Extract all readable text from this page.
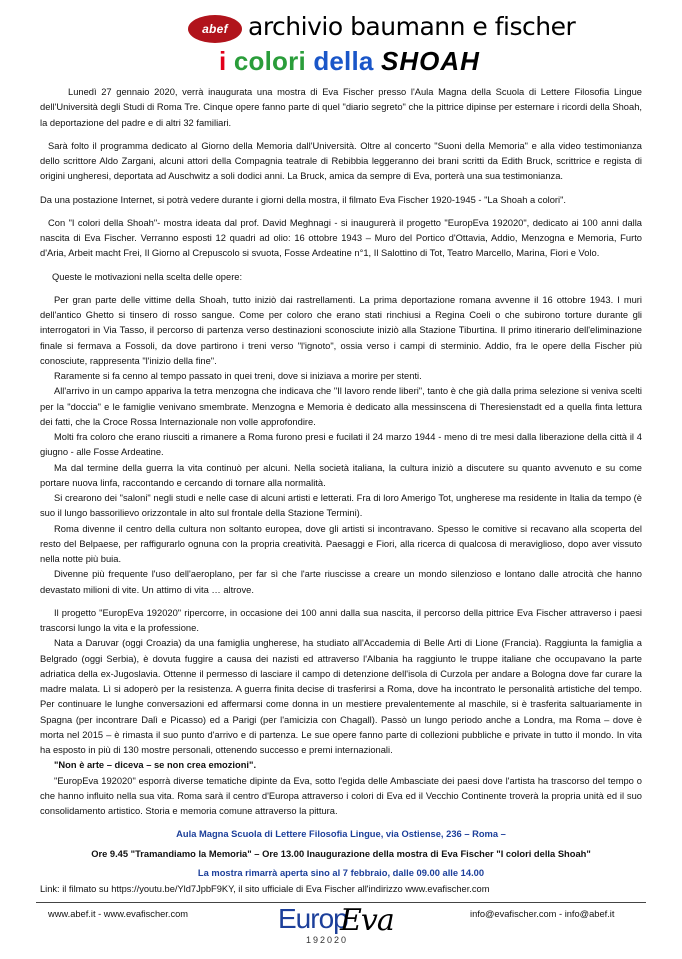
abef archivio baumann e fischer
i colori della SHOAH

Lunedì 27 gennaio 2020, verrà inaugurata una mostra di Eva Fischer presso l'Aula Magna della Scuola di Lettere Filosofia Lingue dell'Università degli Studi di Roma Tre. Cinque opere fanno parte di quel "diario segreto" che la pittrice dipinse per esternare i ricordi della Shoah, la deportazione del padre e di altri 32 familiari.

Sarà folto il programma dedicato al Giorno della Memoria dall'Università. Oltre al concerto "Suoni della Memoria" e alla video testimonianza dello scrittore Aldo Zargani, alcuni attori della Compagnia teatrale di Rebibbia leggeranno dei brani scritti da Edith Bruck, scrittrice e regista di origini ungheresi, deportata ad Auschwitz a soli dodici anni. La Bruck, amica da sempre di Eva, porterà una sua testimonianza.

Da una postazione Internet, si potrà vedere durante i giorni della mostra, il filmato Eva Fischer 1920-1945 - "La Shoah a colori".

Con "I colori della Shoah"- mostra ideata dal prof. David Meghnagi - si inaugurerà il progetto "EuropEva 192020", dedicato ai 100 anni dalla nascita di Eva Fischer. Verranno esposti 12 quadri ad olio: 16 ottobre 1943 – Muro del Portico d'Ottavia, Addio, Menzogna e Memoria, Furto d'Aria, Arbeit macht Frei, Il Giorno al Crepuscolo si svuota, Fosse Ardeatine n°1, Il Salottino di Tot, Teatro Marcello, Marina, Fiori e Volo.

Queste le motivazioni nella scelta delle opere:

Per gran parte delle vittime della Shoah, tutto iniziò dai rastrellamenti. La prima deportazione romana avvenne il 16 ottobre 1943. I muri dell'antico Ghetto si tinsero di rosso sangue. Come per coloro che erano stati rinchiusi a Regina Coeli o che subirono torture durante gli interrogatori in Via Tasso, il percorso di partenza verso destinazioni sconosciute iniziò alla Stazione Tiburtina. Il primo itinerario dell'eliminazione finale si fermava a Fossoli, da dove partirono i treni verso "l'ignoto", ossia verso i campi di sterminio. Addio, fra le opere della Fischer più conosciute, rappresenta "l'inizio della fine".

Raramente si fa cenno al tempo passato in quei treni, dove si iniziava a morire per stenti.

All'arrivo in un campo appariva la tetra menzogna che indicava che "Il lavoro rende liberi", tanto è che già dalla prima selezione si veniva scelti per la "doccia" e le famiglie venivano smembrate. Menzogna e Memoria è dedicato alla messinscena di Theresienstadt ed a quella finta lettura dei fatti, che la Croce Rossa Internazionale non volle approfondire.

Molti fra coloro che erano riusciti a rimanere a Roma furono presi e fucilati il 24 marzo 1944 - meno di tre mesi dalla liberazione della città il 4 giugno - alle Fosse Ardeatine.

Ma dal termine della guerra la vita continuò per alcuni. Nella società italiana, la cultura iniziò a discutere su quanto avvenuto e su come portare nuova linfa, raccontando e cercando di tornare alla normalità.

Si crearono dei "saloni" negli studi e nelle case di alcuni artisti e letterati. Fra di loro Amerigo Tot, ungherese ma residente in Italia da tempo (è suo il lungo bassorilievo orizzontale in alto sul frontale della Stazione Termini).

Roma divenne il centro della cultura non soltanto europea, dove gli artisti si incontravano. Spesso le comitive si recavano alla scoperta del resto del Belpaese, per raffigurarlo ognuna con la propria creatività. Paesaggi e Fiori, alla ricerca di qualcosa di meraviglioso, dopo aver vissuto nella notte più buia.

Divenne più frequente l'uso dell'aeroplano, per far sì che l'arte riuscisse a creare un mondo silenzioso e lontano dalle atrocità che hanno devastato milioni di vite. Un attimo di vita … altrove.

Il progetto "EuropEva 192020" ripercorre, in occasione dei 100 anni dalla sua nascita, il percorso della pittrice Eva Fischer attraverso i paesi trascorsi lungo la vita e la professione.

Nata a Daruvar (oggi Croazia) da una famiglia ungherese, ha studiato all'Accademia di Belle Arti di Lione (Francia). Raggiunta la famiglia a Belgrado (oggi Serbia), è dovuta fuggire a causa dei nazisti ed attraverso l'Albania ha raggiunto le truppe italiane che occupavano la parte adriatica della ex-Jugoslavia. Ottenne il permesso di lasciare il campo di detenzione dell'isola di Curzola per andare a Bologna dove far curare la madre malata. Lì si adoperò per la resistenza. A guerra finita decise di trasferirsi a Roma, dove ha incontrato le personalità artistiche del tempo. Per continuare le lunghe conversazioni ed affermarsi come donna in un mestiere prevalentemente al maschile, si è trasferita saltuariamente in Spagna (per incontrare Dalì e Picasso) ed a Parigi (per l'amicizia con Chagall). Passò un lungo periodo anche a Londra, ma Roma – dove è morta nel 2015 – è rimasta il suo punto d'arrivo e di partenza. Le sue opere fanno parte di collezioni pubbliche e private in tutto il mondo. In vita ha esposto in più di 130 mostre personali, ottenendo successo e premi internazionali.

"Non è arte – diceva – se non crea emozioni".

"EuropEva 192020" esporrà diverse tematiche dipinte da Eva, sotto l'egida delle Ambasciate dei paesi dove l'artista ha trascorso del tempo o che hanno influito nella sua vita. Roma sarà il centro d'Europa attraverso i colori di Eva ed il Vecchio Continente troverà la propria unità ed il suo consolidamento artistico. Storia e memoria comune attraverso la pittura.

Aula Magna Scuola di Lettere Filosofia Lingue, via Ostiense, 236 – Roma –

Ore 9.45 "Tramandiamo la Memoria" – Ore 13.00 Inaugurazione della mostra di Eva Fischer "I colori della Shoah"

La mostra rimarrà aperta sino al 7 febbraio, dalle 09.00 alle 14.00

Link: il filmato su https://youtu.be/Yld7JpbF9KY, il sito ufficiale di Eva Fischer all'indirizzo www.evafischer.com
www.abef.it - www.evafischer.com	Europ
Eva
192020
info@evafischer.com - info@abef.it
